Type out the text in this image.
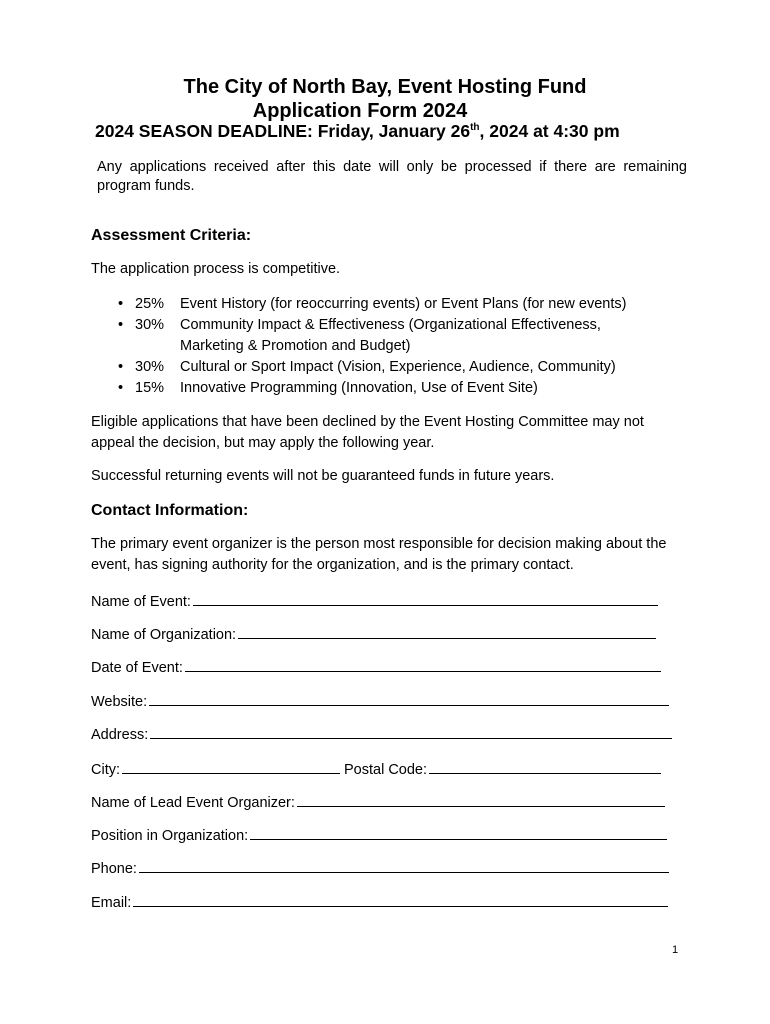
The City of North Bay, Event Hosting Fund
Application Form 2024
2024 SEASON DEADLINE: Friday, January 26th, 2024 at 4:30 pm
Any applications received after this date will only be processed if there are remaining program funds.
Assessment Criteria:
The application process is competitive.
• 25% Event History (for reoccurring events) or Event Plans (for new events)
• 30% Community Impact & Effectiveness (Organizational Effectiveness,
Marketing & Promotion and Budget)
• 30% Cultural or Sport Impact (Vision, Experience, Audience, Community)
• 15% Innovative Programming (Innovation, Use of Event Site)
Eligible applications that have been declined by the Event Hosting Committee may not appeal the decision, but may apply the following year.
Successful returning events will not be guaranteed funds in future years.
Contact Information:
The primary event organizer is the person most responsible for decision making about the event, has signing authority for the organization, and is the primary contact.
Name of Event:
Name of Organization:
Date of Event:
Website:
Address:
City:	Postal Code:
Name of Lead Event Organizer:
Position in Organization:
Phone:
Email:
1
